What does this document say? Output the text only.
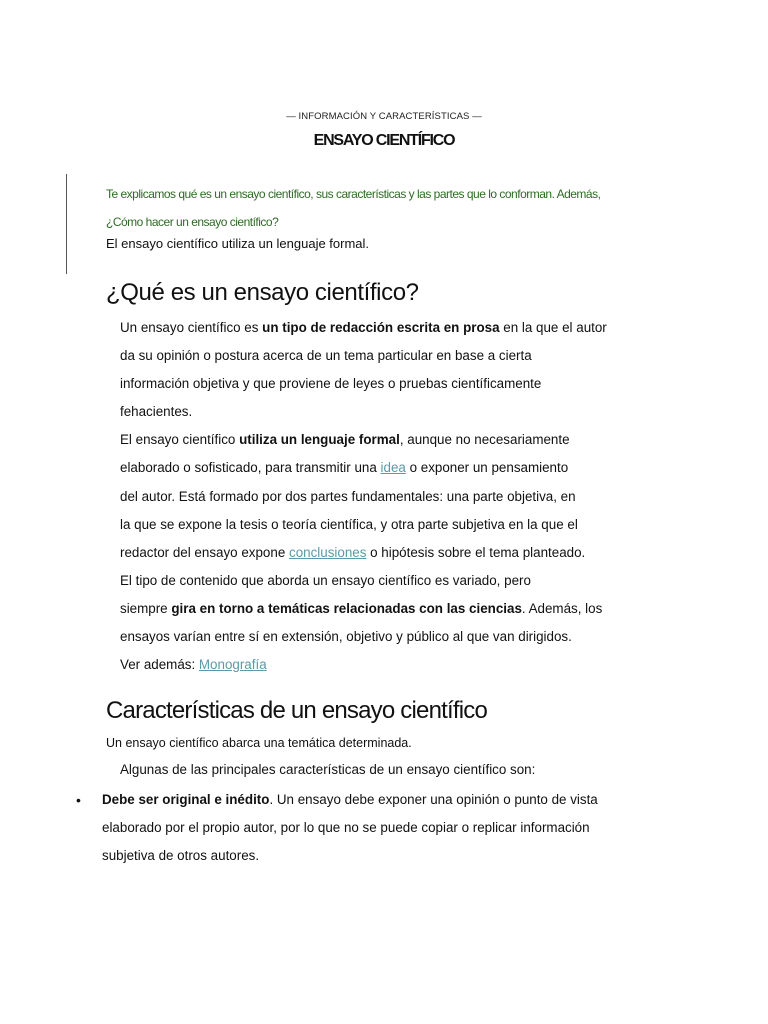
— INFORMACIÓN Y CARACTERÍSTICAS —
ENSAYO CIENTÍFICO
Te explicamos qué es un ensayo científico, sus características y las partes que lo conforman. Además,
¿Cómo hacer un ensayo científico?
El ensayo científico utiliza un lenguaje formal.
¿Qué es un ensayo científico?
Un ensayo científico es un tipo de redacción escrita en prosa en la que el autor
da su opinión o postura acerca de un tema particular en base a cierta
información objetiva y que proviene de leyes o pruebas científicamente
fehacientes.
El ensayo científico utiliza un lenguaje formal, aunque no necesariamente
elaborado o sofisticado, para transmitir una idea o exponer un pensamiento
del autor. Está formado por dos partes fundamentales: una parte objetiva, en
la que se expone la tesis o teoría científica, y otra parte subjetiva en la que el
redactor del ensayo expone conclusiones o hipótesis sobre el tema planteado.
El tipo de contenido que aborda un ensayo científico es variado, pero
siempre gira en torno a temáticas relacionadas con las ciencias. Además, los
ensayos varían entre sí en extensión, objetivo y público al que van dirigidos.
Ver además: Monografía
Características de un ensayo científico
Un ensayo científico abarca una temática determinada.
Algunas de las principales características de un ensayo científico son:
• Debe ser original e inédito. Un ensayo debe exponer una opinión o punto de vista
elaborado por el propio autor, por lo que no se puede copiar o replicar información
subjetiva de otros autores.
